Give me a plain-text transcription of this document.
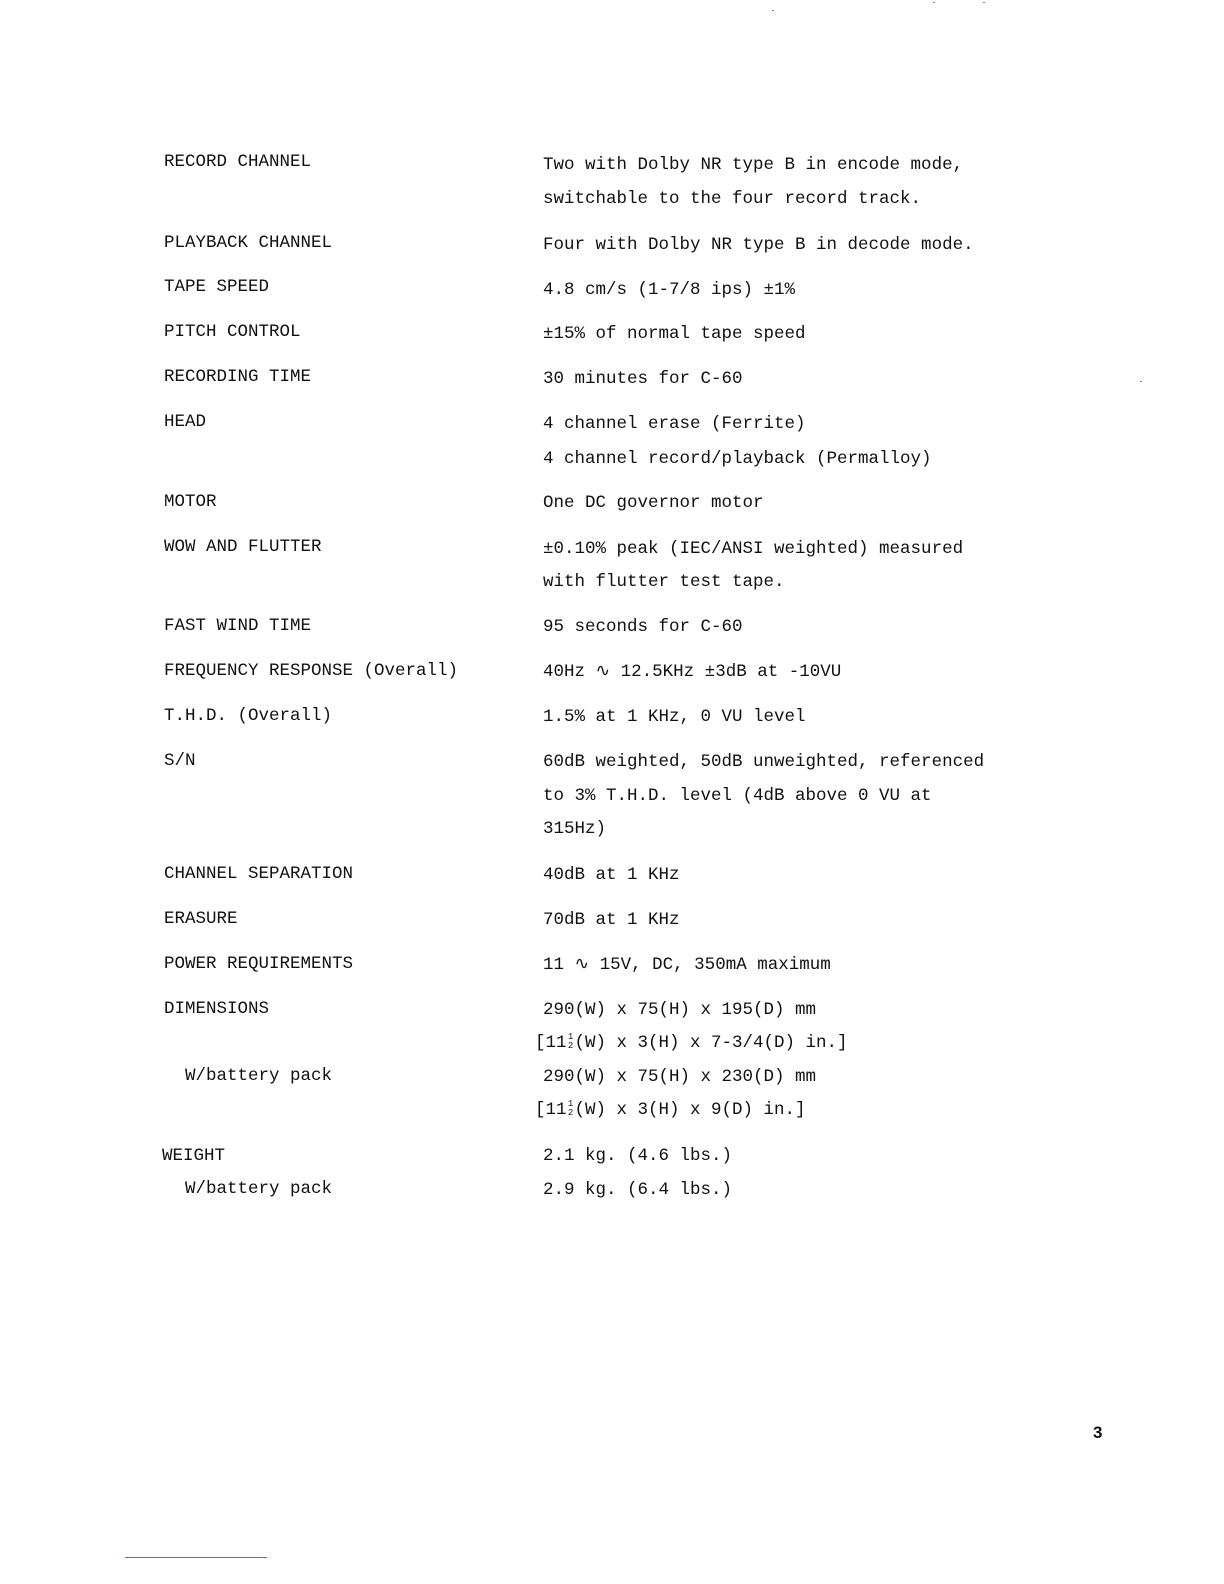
RECORD CHANNEL	Two with Dolby NR type B in encode mode,
switchable to the four record track.
PLAYBACK CHANNEL	Four with Dolby NR type B in decode mode.
TAPE SPEED	4.8 cm/s (1-7/8 ips) ±1%
PITCH CONTROL	±15% of normal tape speed
RECORDING TIME	30 minutes for C-60
HEAD	4 channel erase (Ferrite)
4 channel record/playback (Permalloy)
MOTOR	One DC governor motor
WOW AND FLUTTER	±0.10% peak (IEC/ANSI weighted) measured
with flutter test tape.
FAST WIND TIME	95 seconds for C-60
FREQUENCY RESPONSE (Overall)	40Hz ∿ 12.5KHz ±3dB at -10VU
T.H.D. (Overall)	1.5% at 1 KHz, 0 VU level
S/N	60dB weighted, 50dB unweighted, referenced
to 3% T.H.D. level (4dB above 0 VU at
315Hz)
CHANNEL SEPARATION	40dB at 1 KHz
ERASURE	70dB at 1 KHz
POWER REQUIREMENTS	11 ∿ 15V, DC, 350mA maximum
DIMENSIONS	290(W) x 75(H) x 195(D) mm
[11 1
2 (W) x 3(H) x 7-3/4(D) in.]
W/battery pack	290(W) x 75(H) x 230(D) mm
[11 1
2 (W) x 3(H) x 9(D) in.]
WEIGHT	2.1 kg. (4.6 lbs.)
W/battery pack	2.9 kg. (6.4 lbs.)
3
